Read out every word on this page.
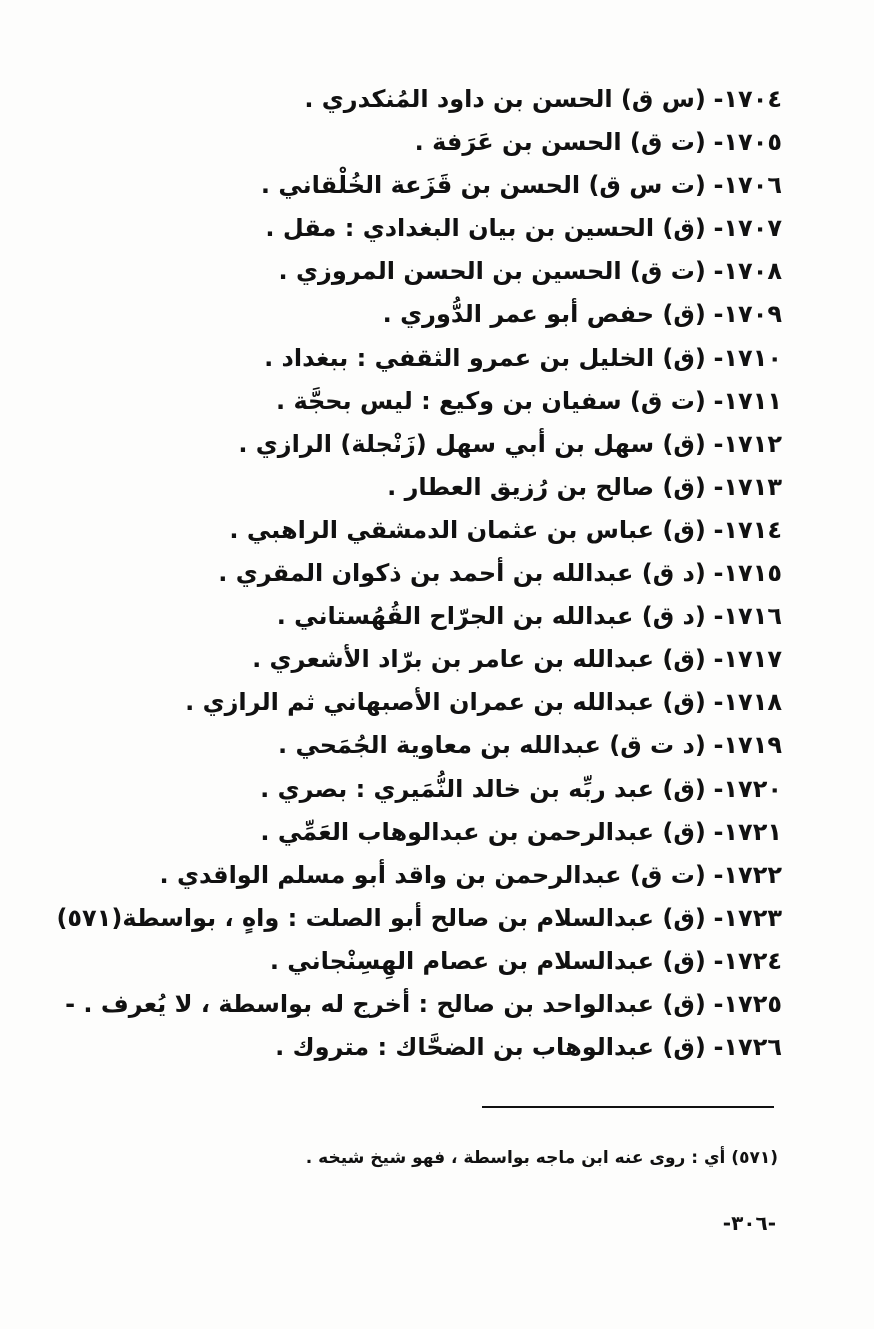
١٧٠٤- (س ق) الحسن بن داود المُنكدري .
١٧٠٥- (ت ق) الحسن بن عَرَفة .
١٧٠٦- (ت س ق) الحسن بن قَزَعة الخُلْقاني .
١٧٠٧- (ق) الحسين بن بيان البغدادي : مقل .
١٧٠٨- (ت ق) الحسين بن الحسن المروزي .
١٧٠٩- (ق) حفص أبو عمر الدُّوري .
١٧١٠- (ق) الخليل بن عمرو الثقفي : ببغداد .
١٧١١- (ت ق) سفيان بن وكيع : ليس بحجَّة .
١٧١٢- (ق) سهل بن أبي سهل (زَنْجلة) الرازي .
١٧١٣- (ق) صالح بن رُزيق العطار .
١٧١٤- (ق) عباس بن عثمان الدمشقي الراهبي .
١٧١٥- (د ق) عبدالله بن أحمد بن ذكوان المقري .
١٧١٦- (د ق) عبدالله بن الجرّاح القُهُستاني .
١٧١٧- (ق) عبدالله بن عامر بن برّاد الأشعري .
١٧١٨- (ق) عبدالله بن عمران الأصبهاني ثم الرازي .
١٧١٩- (د ت ق) عبدالله بن معاوية الجُمَحي .
١٧٢٠- (ق) عبد ربِّه بن خالد النُّمَيري : بصري .
١٧٢١- (ق) عبدالرحمن بن عبدالوهاب العَمِّي .
١٧٢٢- (ت ق) عبدالرحمن بن واقد أبو مسلم الواقدي .
١٧٢٣- (ق) عبدالسلام بن صالح أبو الصلت : واهٍ ، بواسطة(٥٧١)
١٧٢٤- (ق) عبدالسلام بن عصام الهِسِنْجاني .
١٧٢٥- (ق) عبدالواحد بن صالح : أخرج له بواسطة ، لا يُعرف . -
١٧٢٦- (ق) عبدالوهاب بن الضحَّاك : متروك .
(٥٧١) أي : روى عنه ابن ماجه بواسطة ، فهو شيخ شيخه .
-٣٠٦-
